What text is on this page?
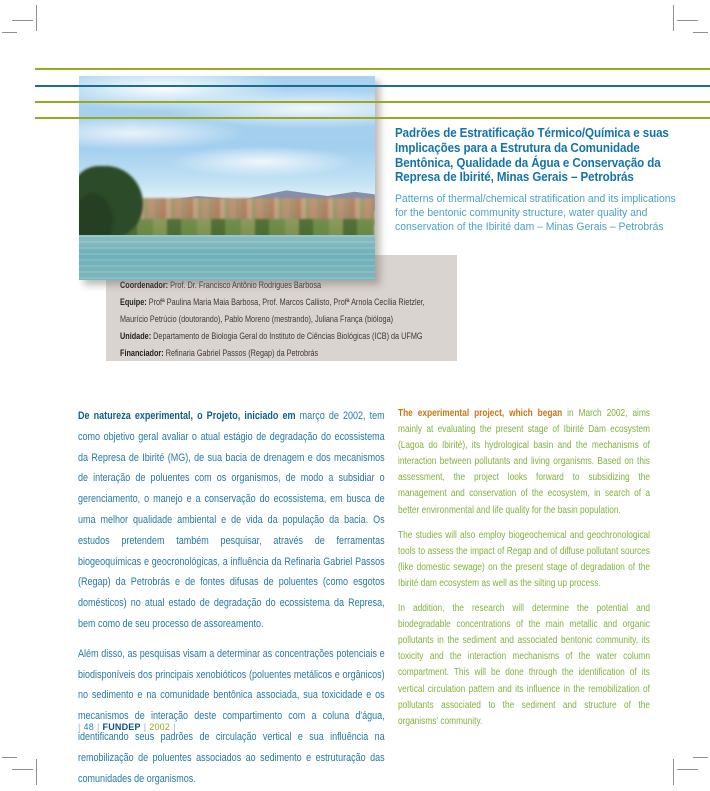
Padrões de Estratificação Térmico/Química e suas Implicações para a Estrutura da Comunidade Bentônica, Qualidade da Água e Conservação da Represa de Ibirité, Minas Gerais – Petrobrás

Patterns of thermal/chemical stratification and its implications for the bentonic community structure, water quality and conservation of the Ibirité dam – Minas Gerais – Petrobrás

Coordenador: Prof. Dr. Francisco Antônio Rodrigues Barbosa

Equipe: Profª Paulina Maria Maia Barbosa, Prof. Marcos Callisto, Profª Arnola Cecília Rietzler, Maurício Petrúcio (doutorando), Pablo Moreno (mestrando), Juliana França (bióloga)

Unidade: Departamento de Biologia Geral do Instituto de Ciências Biológicas (ICB) da UFMG

Financiador: Refinaria Gabriel Passos (Regap) da Petrobrás

De natureza experimental, o Projeto, iniciado em março de 2002, tem como objetivo geral avaliar o atual estágio de degradação do ecossistema da Represa de Ibirité (MG), de sua bacia de drenagem e dos mecanismos de interação de poluentes com os organismos, de modo a subsidiar o gerenciamento, o manejo e a conservação do ecossistema, em busca de uma melhor qualidade ambiental e de vida da população da bacia. Os estudos pretendem também pesquisar, através de ferramentas biogeoquímicas e geocronológicas, a influência da Refinaria Gabriel Passos (Regap) da Petrobrás e de fontes difusas de poluentes (como esgotos domésticos) no atual estado de degradação do ecossistema da Represa, bem como de seu processo de assoreamento.

Além disso, as pesquisas visam a determinar as concentrações potenciais e biodisponíveis dos principais xenobióticos (poluentes metálicos e orgânicos) no sedimento e na comunidade bentônica associada, sua toxicidade e os mecanismos de interação deste compartimento com a coluna d'água, identificando seus padrões de circulação vertical e sua influência na remobilização de poluentes associados ao sedimento e estruturação das comunidades de organismos.

The experimental project, which began in March 2002, aims mainly at evaluating the present stage of Ibirité Dam ecosystem (Lagoa do Ibirité), its hydrological basin and the mechanisms of interaction between pollutants and living organisms. Based on this assessment, the project looks forward to subsidizing the management and conservation of the ecosystem, in search of a better environmental and life quality for the basin population.

The studies will also employ biogeochemical and geochronological tools to assess the impact of Regap and of diffuse pollutant sources (like domestic sewage) on the present stage of degradation of the Ibirité dam ecosystem as well as the silting up process.

In addition, the research will determine the potential and biodegradable concentrations of the main metallic and organic pollutants in the sediment and associated bentonic community, its toxicity and the interaction mechanisms of the water column compartment. This will be done through the identification of its vertical circulation pattern and its influence in the remobilization of pollutants associated to the sediment and structure of the organisms' community.

| 48 | FUNDEP | 2002 |
